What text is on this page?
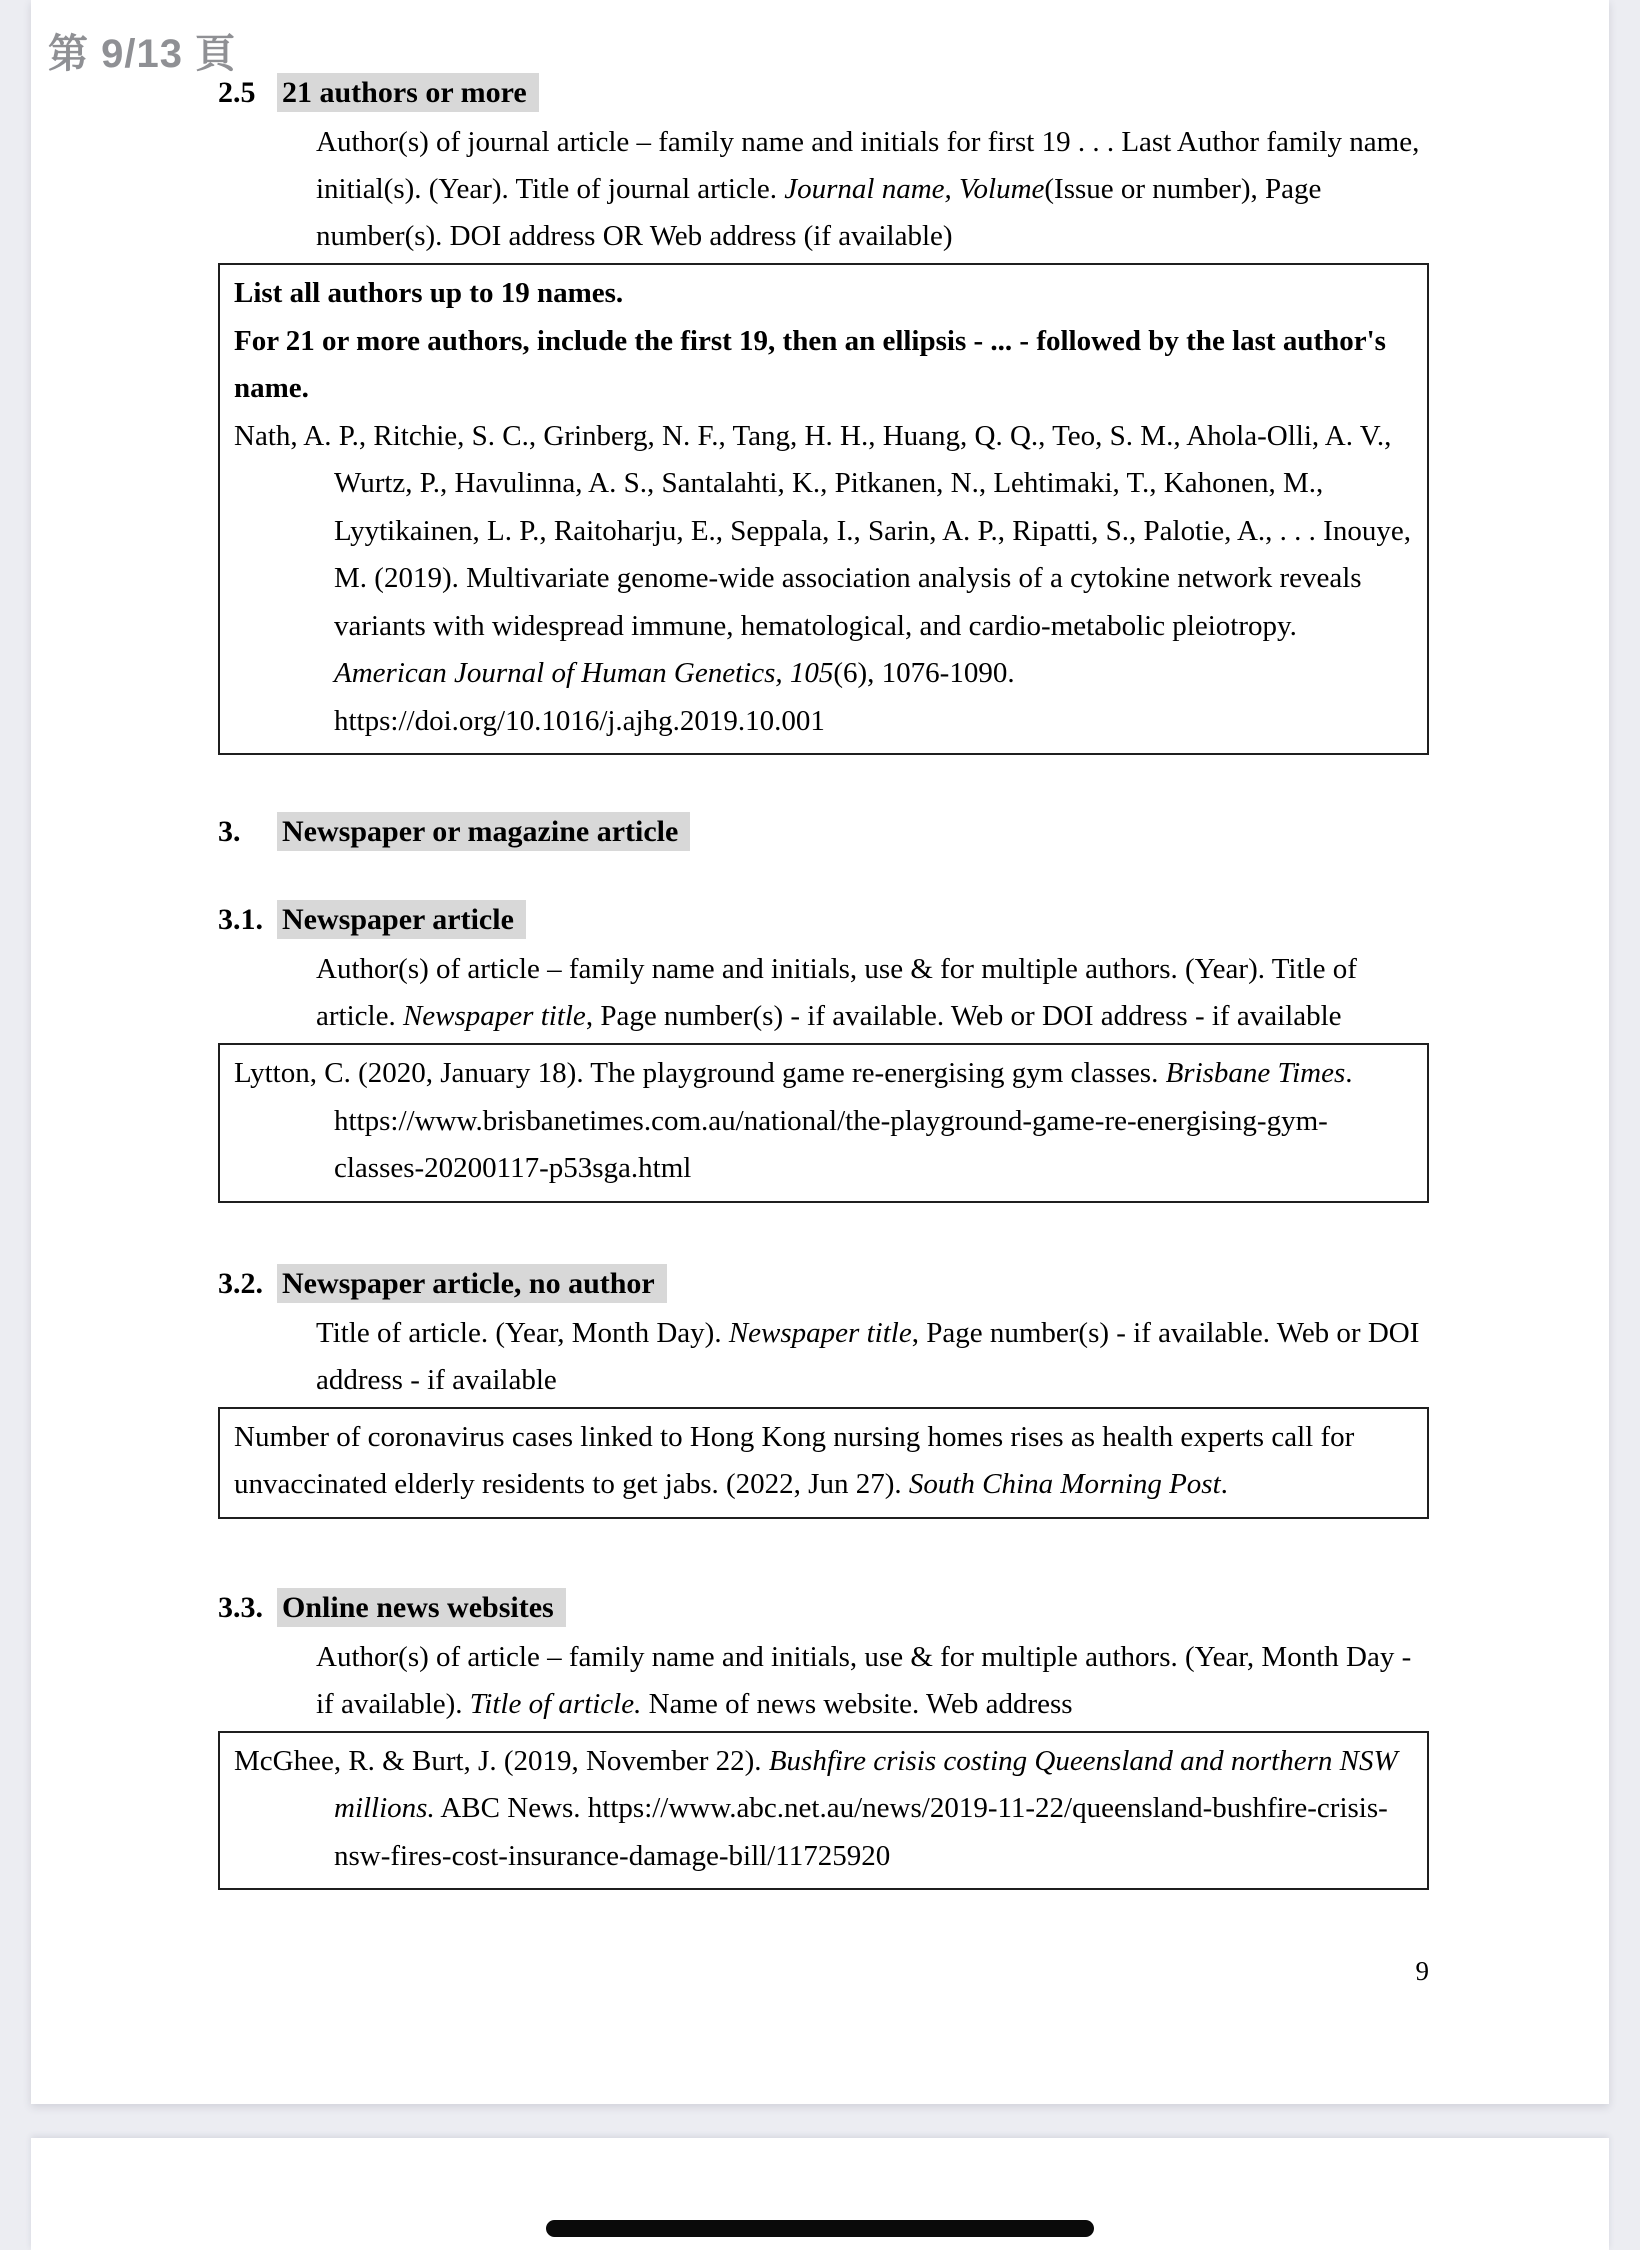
2.5 21 authors or more

Author(s) of journal article – family name and initials for first 19 . . . Last Author family name, initial(s). (Year). Title of journal article. Journal name, Volume(Issue or number), Page number(s). DOI address OR Web address (if available)

List all authors up to 19 names.

For 21 or more authors, include the first 19, then an ellipsis - ... - followed by the last author's name.

Nath, A. P., Ritchie, S. C., Grinberg, N. F., Tang, H. H., Huang, Q. Q., Teo, S. M., Ahola-Olli, A. V., Wurtz, P., Havulinna, A. S., Santalahti, K., Pitkanen, N., Lehtimaki, T., Kahonen, M., Lyytikainen, L. P., Raitoharju, E., Seppala, I., Sarin, A. P., Ripatti, S., Palotie, A., . . . Inouye, M. (2019). Multivariate genome-wide association analysis of a cytokine network reveals variants with widespread immune, hematological, and cardio-metabolic pleiotropy. American Journal of Human Genetics, 105(6), 1076-1090. https://doi.org/10.1016/j.ajhg.2019.10.001

3. Newspaper or magazine article
3.1. Newspaper article

Author(s) of article – family name and initials, use & for multiple authors. (Year). Title of article. Newspaper title, Page number(s) - if available. Web or DOI address - if available

Lytton, C. (2020, January 18). The playground game re-energising gym classes. Brisbane Times. https://www.brisbanetimes.com.au/national/the-playground-game-re-energising-gym-classes-20200117-p53sga.html

3.2. Newspaper article, no author

Title of article. (Year, Month Day). Newspaper title, Page number(s) - if available. Web or DOI address - if available

Number of coronavirus cases linked to Hong Kong nursing homes rises as health experts call for unvaccinated elderly residents to get jabs. (2022, Jun 27). South China Morning Post.

3.3. Online news websites

Author(s) of article – family name and initials, use & for multiple authors. (Year, Month Day - if available). Title of article. Name of news website. Web address

McGhee, R. & Burt, J. (2019, November 22). Bushfire crisis costing Queensland and northern NSW millions. ABC News. https://www.abc.net.au/news/2019-11-22/queensland-bushfire-crisis-nsw-fires-cost-insurance-damage-bill/11725920

9

第 9/13 頁
